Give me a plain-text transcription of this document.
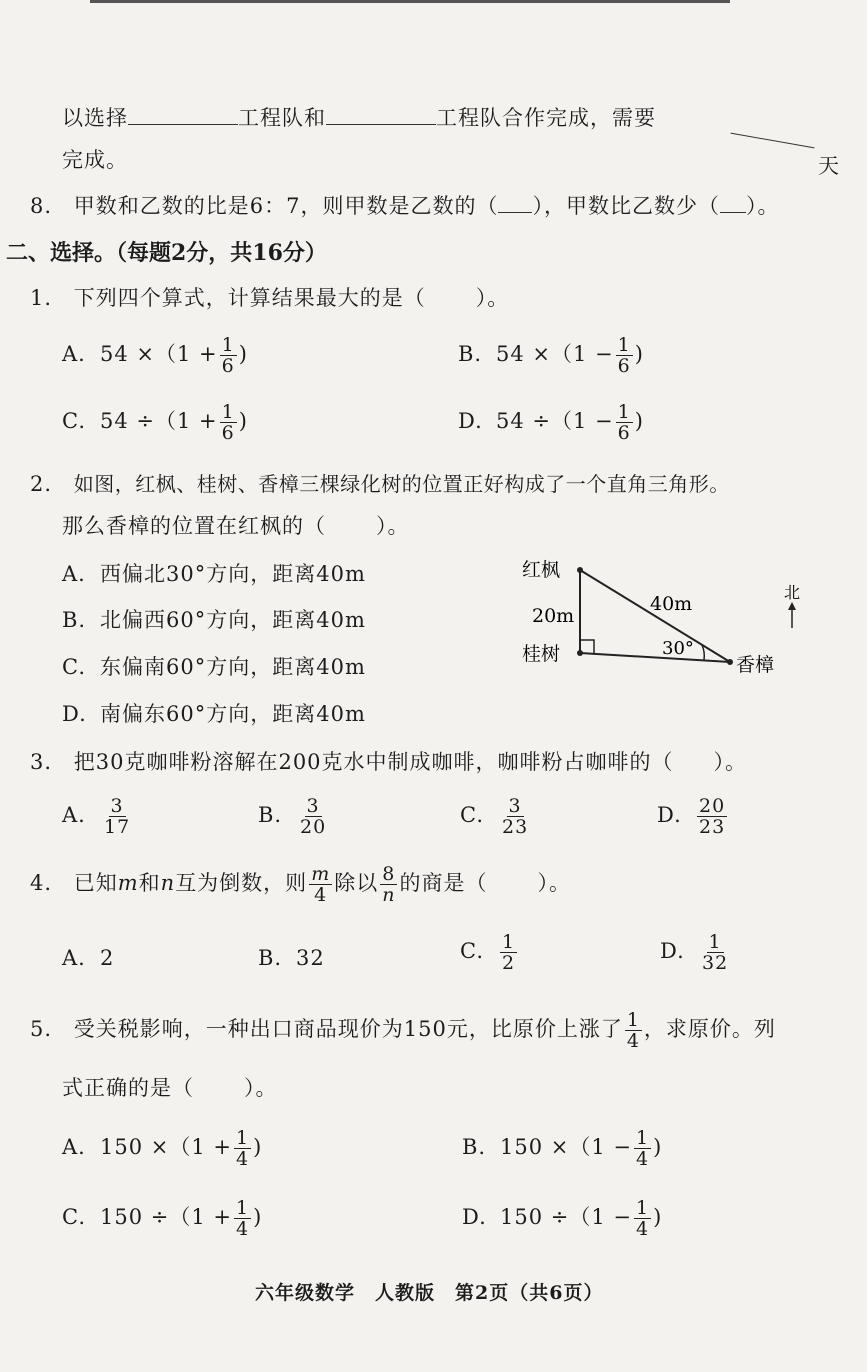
以选择	工程队和	工程队合作完成，需要
天
完成。
8. 甲数和乙数的比是6：7，则甲数是乙数的（ ），甲数比乙数少（ ）。
二、选择。（每题2分，共16分）
1. 下列四个算式，计算结果最大的是（ ）。
A. $54 \times(1 + \frac{1}{6}$ )	B. $54 \times(1 - \frac{1}{6}$ )
C. $54 \div(1 + \frac{1}{6}$ )	D. $54 \div(1 - \frac{1}{6}$ )
2. 如图，红枫、桂树、香樟三棵绿化树的位置正好构成了一个直角三角形。
那么香樟的位置在红枫的（ ）。
A. 西偏北30°方向，距离40m
B. 北偏西60°方向，距离40m
C. 东偏南60°方向，距离40m
D. 南偏东60°方向，距离40m
红枫
桂树	香樟
20m
40m
30°
北
3. 把30克咖啡粉溶解在200克水中制成咖啡，咖啡粉占咖啡的（ ）。
A. $\frac{3}{17}$	B. $\frac{3}{20}$	C. $\frac{3}{23}$	D. $\frac{20}{23}$
4. 已知m和n互为倒数，则 $\frac{m}{4}$ 除以 $\frac{8}{n}$ 的商是（ ）。
A. 2	B. 32	C. $\frac{1}{2}$	D. $\frac{1}{32}$
5. 受关税影响，一种出口商品现价为150元，比原价上涨了 $\frac{1}{4}$ ，求原价。列
式正确的是（ ）。
A. $150 \times(1 + \frac{1}{4}$ )	B. $150 \times(1 - \frac{1}{4}$ )
C. $150 \div(1 + \frac{1}{4}$ )	D. $150 \div(1 - \frac{1}{4}$ )
六年级数学　人教版　第2页（共6页）
